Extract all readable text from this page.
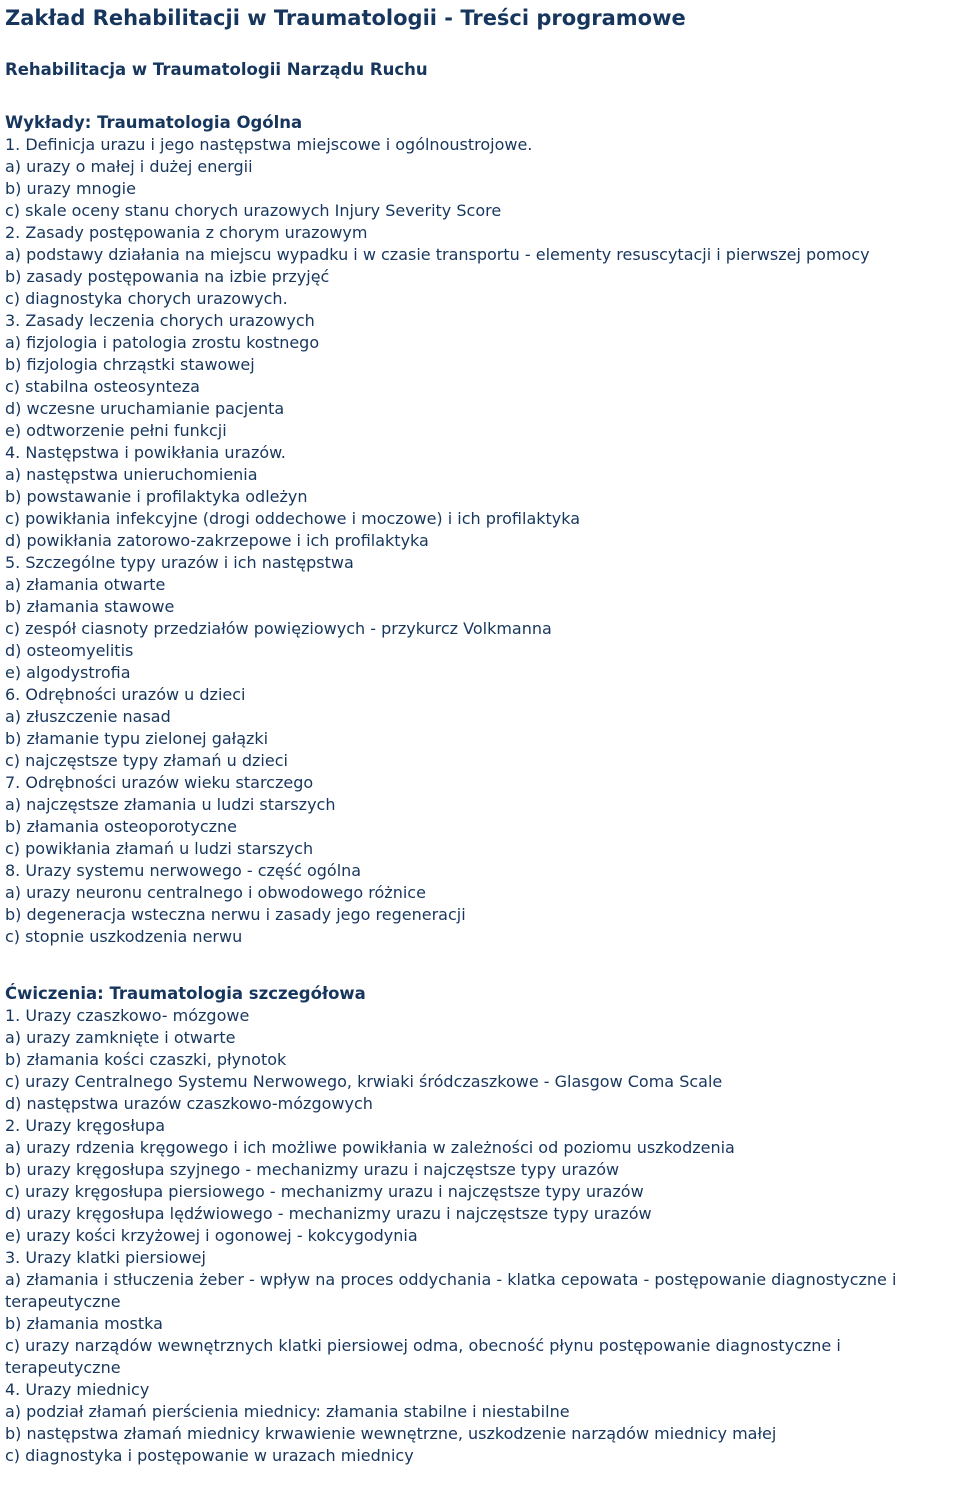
Zakład Rehabilitacji w Traumatologii - Treści programowe
Rehabilitacja w Traumatologii Narządu Ruchu
Wykłady: Traumatologia Ogólna

1. Definicja urazu i jego następstwa miejscowe i ogólnoustrojowe.

a) urazy o małej i dużej energii

b) urazy mnogie

c) skale oceny stanu chorych urazowych Injury Severity Score

2. Zasady postępowania z chorym urazowym

a) podstawy działania na miejscu wypadku i w czasie transportu - elementy resuscytacji i pierwszej pomocy

b) zasady postępowania na izbie przyjęć

c) diagnostyka chorych urazowych.

3. Zasady leczenia chorych urazowych

a) fizjologia i patologia zrostu kostnego

b) fizjologia chrząstki stawowej

c) stabilna osteosynteza

d) wczesne uruchamianie pacjenta

e) odtworzenie pełni funkcji

4. Następstwa i powikłania urazów.

a) następstwa unieruchomienia

b) powstawanie i profilaktyka odleżyn

c) powikłania infekcyjne (drogi oddechowe i moczowe) i ich profilaktyka

d) powikłania zatorowo-zakrzepowe i ich profilaktyka

5. Szczególne typy urazów i ich następstwa

a) złamania otwarte

b) złamania stawowe

c) zespół ciasnoty przedziałów powięziowych - przykurcz Volkmanna

d) osteomyelitis

e) algodystrofia

6. Odrębności urazów u dzieci

a) złuszczenie nasad

b) złamanie typu zielonej gałązki

c) najczęstsze typy złamań u dzieci

7. Odrębności urazów wieku starczego

a) najczęstsze złamania u ludzi starszych

b) złamania osteoporotyczne

c) powikłania złamań u ludzi starszych

8. Urazy systemu nerwowego - część ogólna

a) urazy neuronu centralnego i obwodowego różnice

b) degeneracja wsteczna nerwu i zasady jego regeneracji

c) stopnie uszkodzenia nerwu

Ćwiczenia: Traumatologia szczegółowa

1. Urazy czaszkowo- mózgowe

a) urazy zamknięte i otwarte

b) złamania kości czaszki, płynotok

c) urazy Centralnego Systemu Nerwowego, krwiaki śródczaszkowe - Glasgow Coma Scale

d) następstwa urazów czaszkowo-mózgowych

2. Urazy kręgosłupa

a) urazy rdzenia kręgowego i ich możliwe powikłania w zależności od poziomu uszkodzenia

b) urazy kręgosłupa szyjnego - mechanizmy urazu i najczęstsze typy urazów

c) urazy kręgosłupa piersiowego - mechanizmy urazu i najczęstsze typy urazów

d) urazy kręgosłupa lędźwiowego - mechanizmy urazu i najczęstsze typy urazów

e) urazy kości krzyżowej i ogonowej - kokcygodynia

3. Urazy klatki piersiowej

a) złamania i stłuczenia żeber - wpływ na proces oddychania - klatka cepowata - postępowanie diagnostyczne i terapeutyczne

b) złamania mostka

c) urazy narządów wewnętrznych klatki piersiowej odma, obecność płynu postępowanie diagnostyczne i terapeutyczne

4. Urazy miednicy

a) podział złamań pierścienia miednicy: złamania stabilne i niestabilne

b) następstwa złamań miednicy krwawienie wewnętrzne, uszkodzenie narządów miednicy małej

c) diagnostyka i postępowanie w urazach miednicy
